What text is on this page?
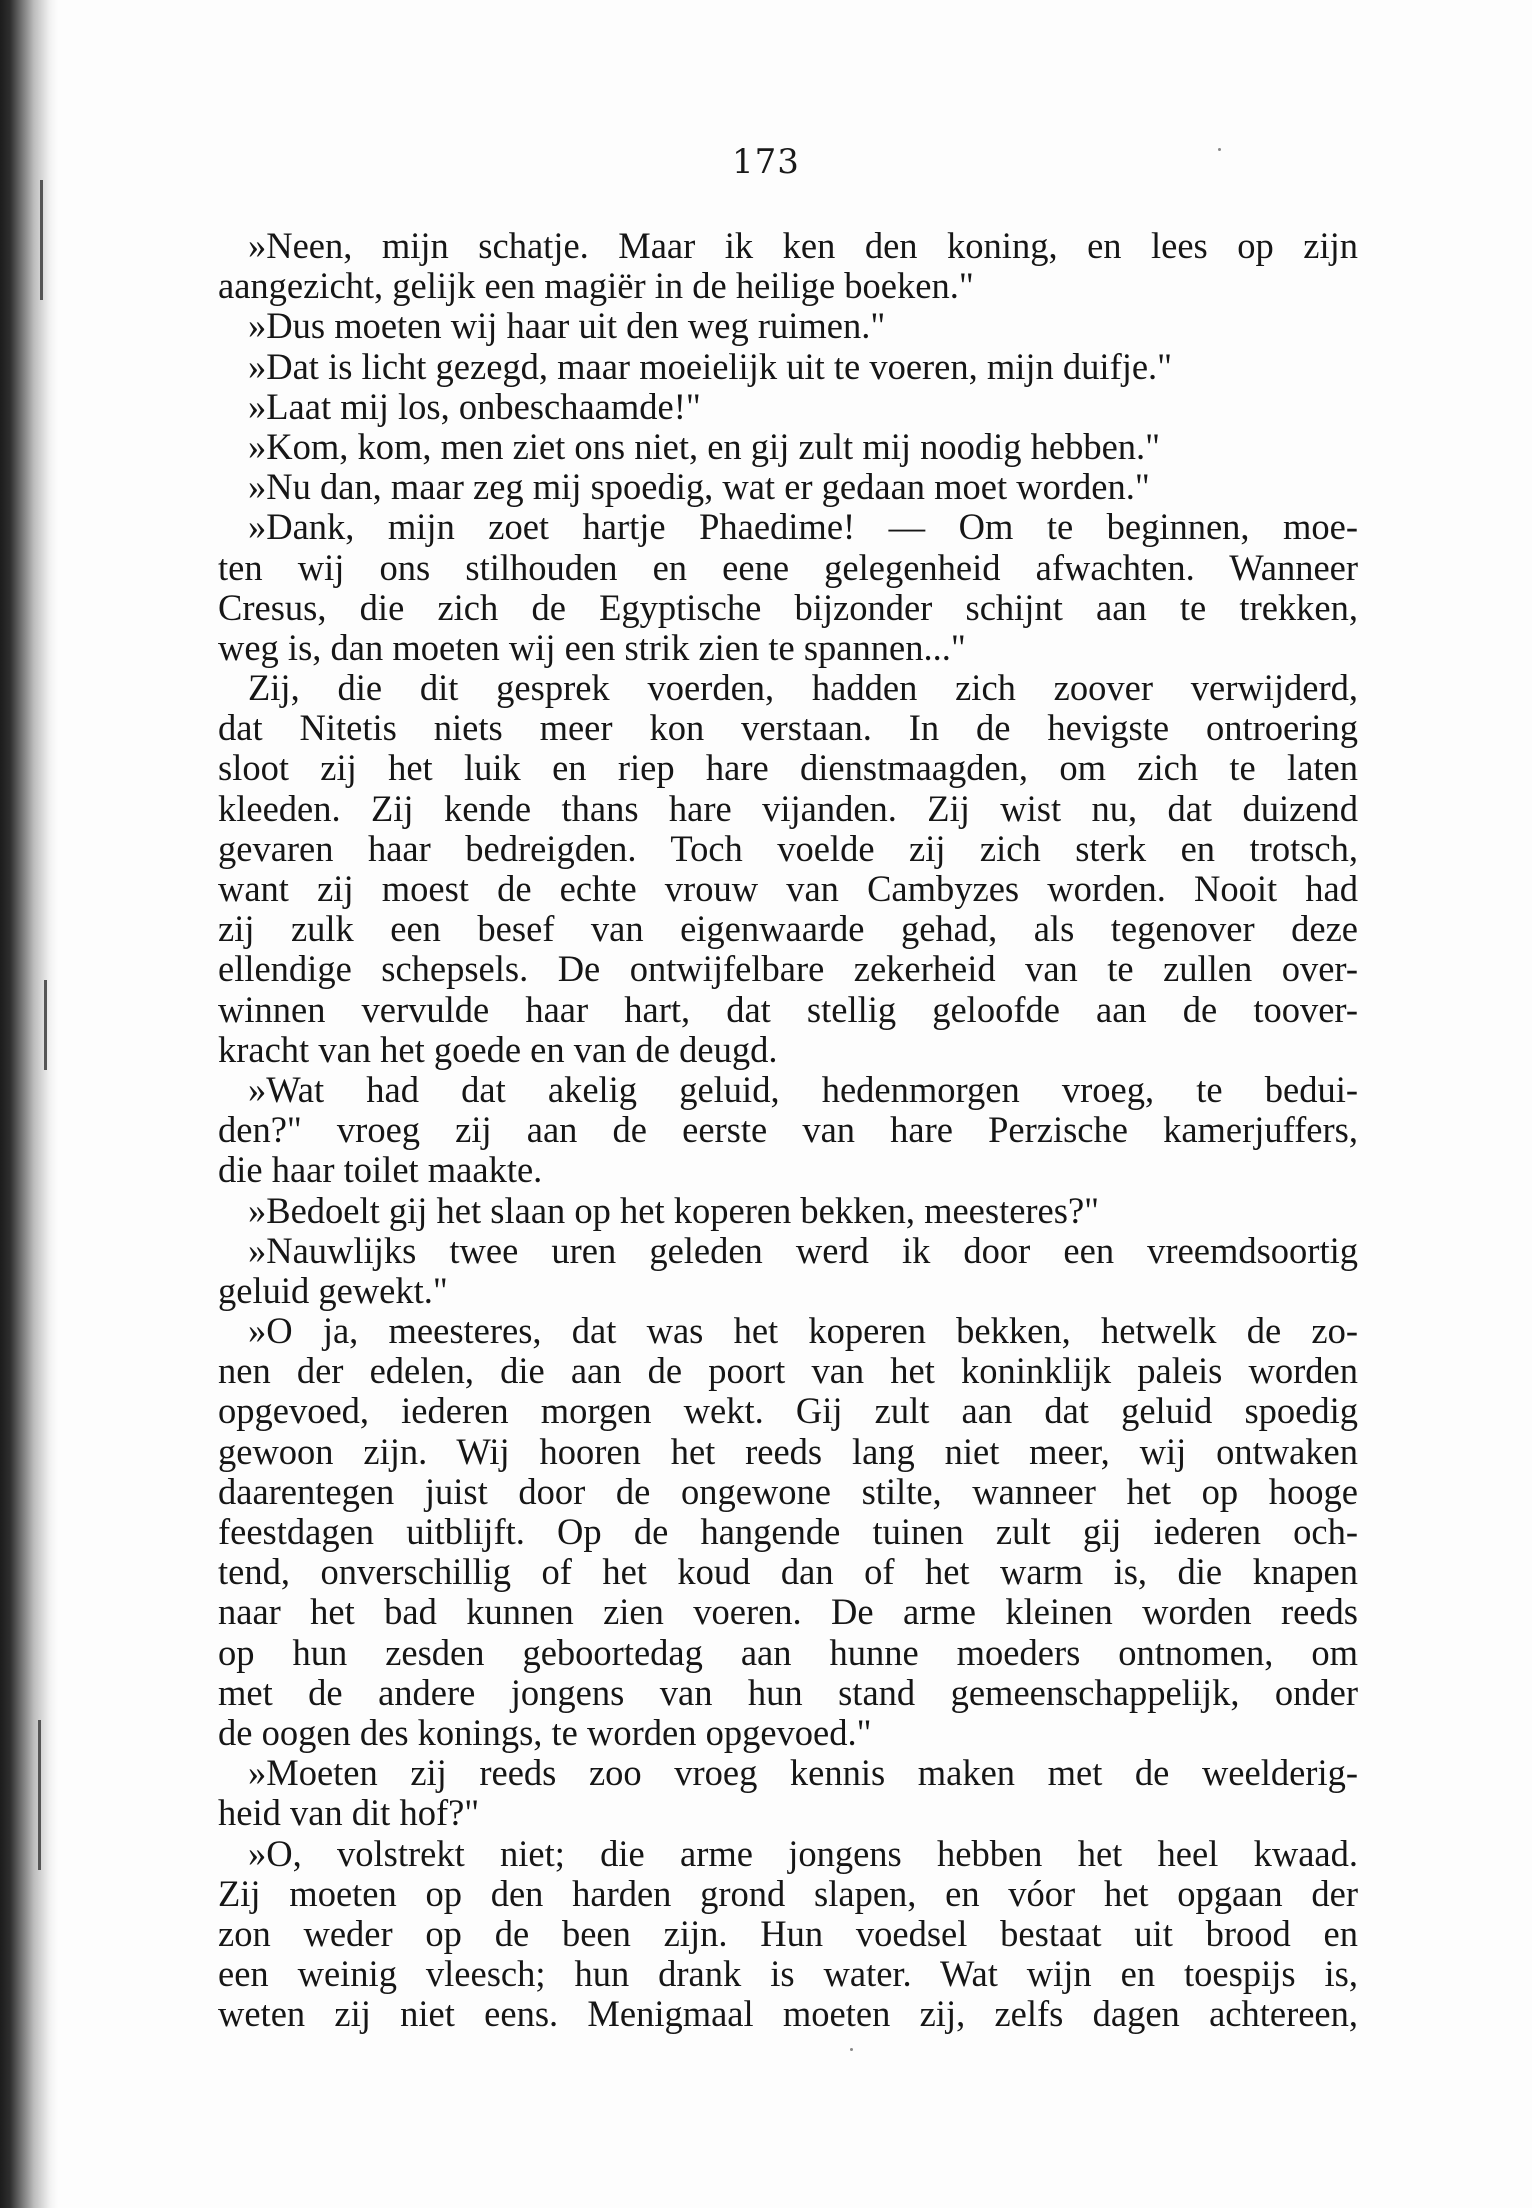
173
»Neen, mijn schatje. Maar ik ken den koning, en lees op zijn
aangezicht, gelijk een magiër in de heilige boeken."
»Dus moeten wij haar uit den weg ruimen."
»Dat is licht gezegd, maar moeielijk uit te voeren, mijn duifje."
»Laat mij los, onbeschaamde!"
»Kom, kom, men ziet ons niet, en gij zult mij noodig hebben."
»Nu dan, maar zeg mij spoedig, wat er gedaan moet worden."
»Dank, mijn zoet hartje Phaedime! — Om te beginnen, moe-
ten wij ons stilhouden en eene gelegenheid afwachten. Wanneer
Cresus, die zich de Egyptische bijzonder schijnt aan te trekken,
weg is, dan moeten wij een strik zien te spannen..."
Zij, die dit gesprek voerden, hadden zich zoover verwijderd,
dat Nitetis niets meer kon verstaan. In de hevigste ontroering
sloot zij het luik en riep hare dienstmaagden, om zich te laten
kleeden. Zij kende thans hare vijanden. Zij wist nu, dat duizend
gevaren haar bedreigden. Toch voelde zij zich sterk en trotsch,
want zij moest de echte vrouw van Cambyzes worden. Nooit had
zij zulk een besef van eigenwaarde gehad, als tegenover deze
ellendige schepsels. De ontwijfelbare zekerheid van te zullen over-
winnen vervulde haar hart, dat stellig geloofde aan de toover-
kracht van het goede en van de deugd.
»Wat had dat akelig geluid, hedenmorgen vroeg, te bedui-
den?" vroeg zij aan de eerste van hare Perzische kamerjuffers,
die haar toilet maakte.
»Bedoelt gij het slaan op het koperen bekken, meesteres?"
»Nauwlijks twee uren geleden werd ik door een vreemdsoortig
geluid gewekt."
»O ja, meesteres, dat was het koperen bekken, hetwelk de zo-
nen der edelen, die aan de poort van het koninklijk paleis worden
opgevoed, iederen morgen wekt. Gij zult aan dat geluid spoedig
gewoon zijn. Wij hooren het reeds lang niet meer, wij ontwaken
daarentegen juist door de ongewone stilte, wanneer het op hooge
feestdagen uitblijft. Op de hangende tuinen zult gij iederen och-
tend, onverschillig of het koud dan of het warm is, die knapen
naar het bad kunnen zien voeren. De arme kleinen worden reeds
op hun zesden geboortedag aan hunne moeders ontnomen, om
met de andere jongens van hun stand gemeenschappelijk, onder
de oogen des konings, te worden opgevoed."
»Moeten zij reeds zoo vroeg kennis maken met de weelderig-
heid van dit hof?"
»O, volstrekt niet; die arme jongens hebben het heel kwaad.
Zij moeten op den harden grond slapen, en vóor het opgaan der
zon weder op de been zijn. Hun voedsel bestaat uit brood en
een weinig vleesch; hun drank is water. Wat wijn en toespijs is,
weten zij niet eens. Menigmaal moeten zij, zelfs dagen achtereen,
